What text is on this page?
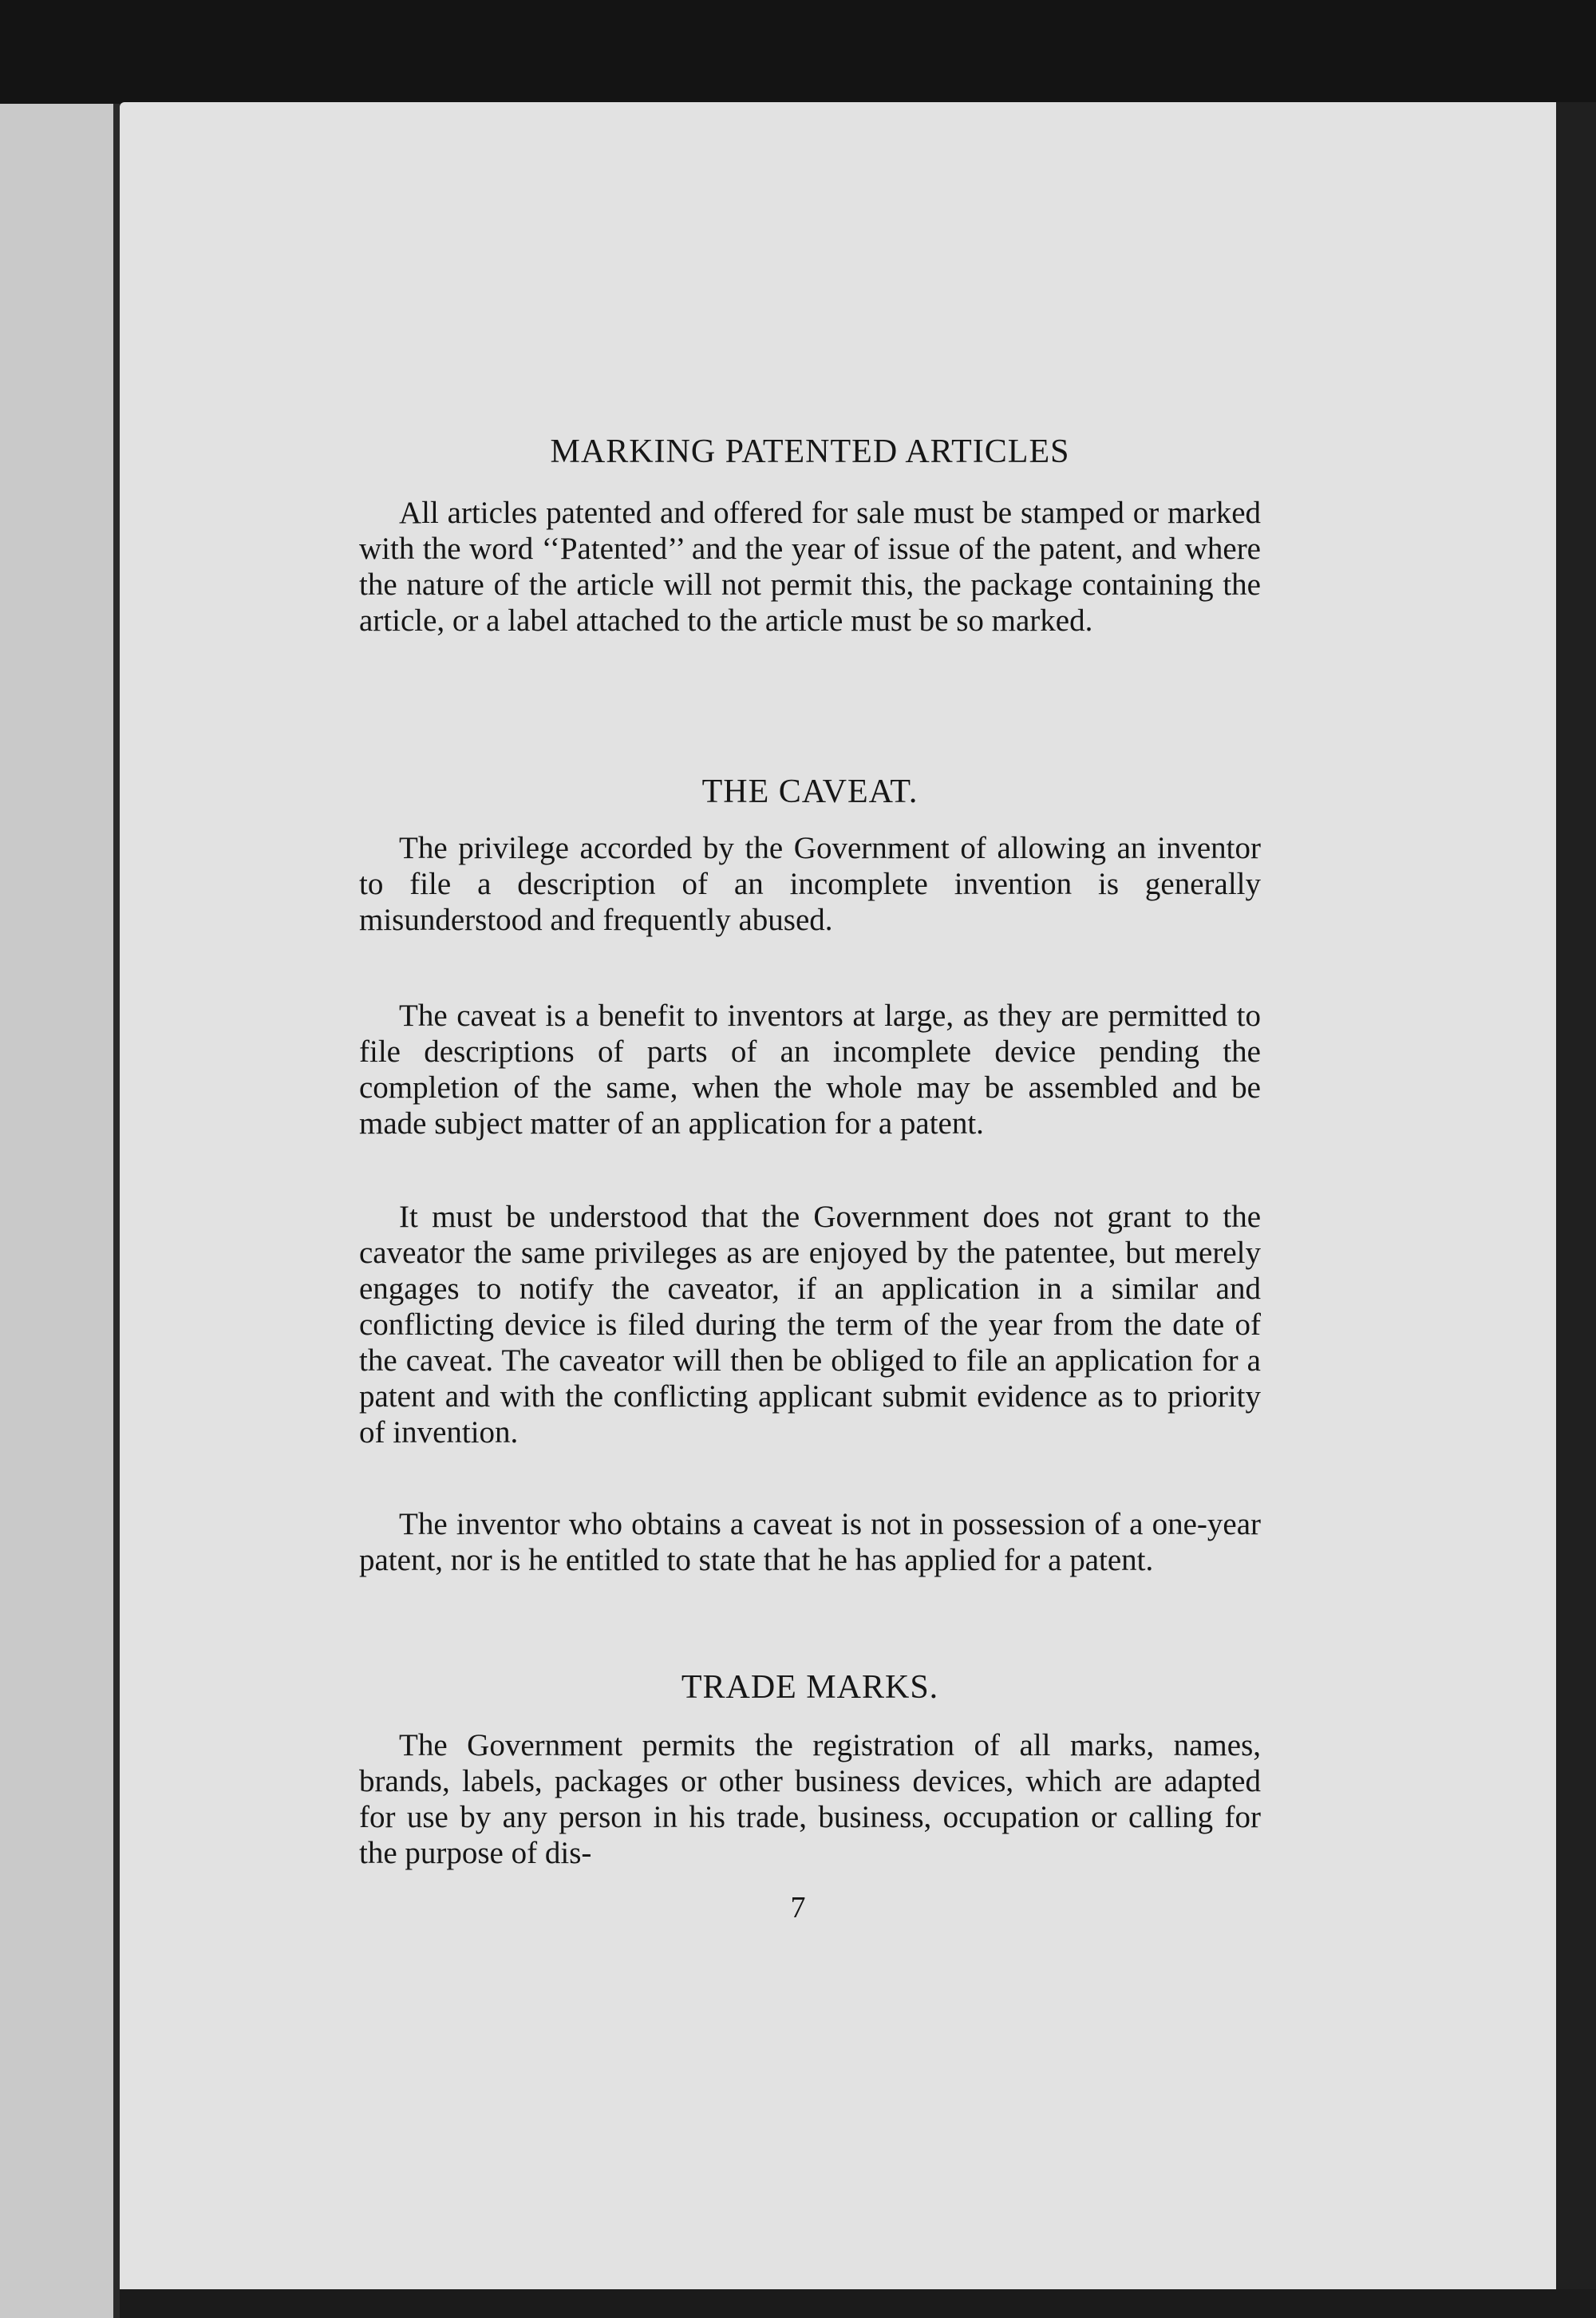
MARKING PATENTED ARTICLES

All articles patented and offered for sale must be stamped or marked with the word ‘‘Patented’’ and the year of issue of the patent, and where the nature of the article will not permit this, the package containing the article, or a label attached to the article must be so marked.

THE CAVEAT.

The privilege accorded by the Government of allowing an inventor to file a description of an incomplete invention is generally misunderstood and frequently abused.

The caveat is a benefit to inventors at large, as they are permitted to file descriptions of parts of an incomplete device pending the completion of the same, when the whole may be assembled and be made subject matter of an application for a patent.

It must be understood that the Government does not grant to the caveator the same privileges as are enjoyed by the patentee, but merely engages to notify the caveator, if an application in a similar and conflicting device is filed during the term of the year from the date of the caveat. The caveator will then be obliged to file an application for a patent and with the conflicting applicant submit evidence as to priority of invention.

The inventor who obtains a caveat is not in possession of a one-year patent, nor is he entitled to state that he has applied for a patent.

TRADE MARKS.

The Government permits the registration of all marks, names, brands, labels, packages or other business devices, which are adapted for use by any person in his trade, business, occupation or calling for the purpose of dis-

7
